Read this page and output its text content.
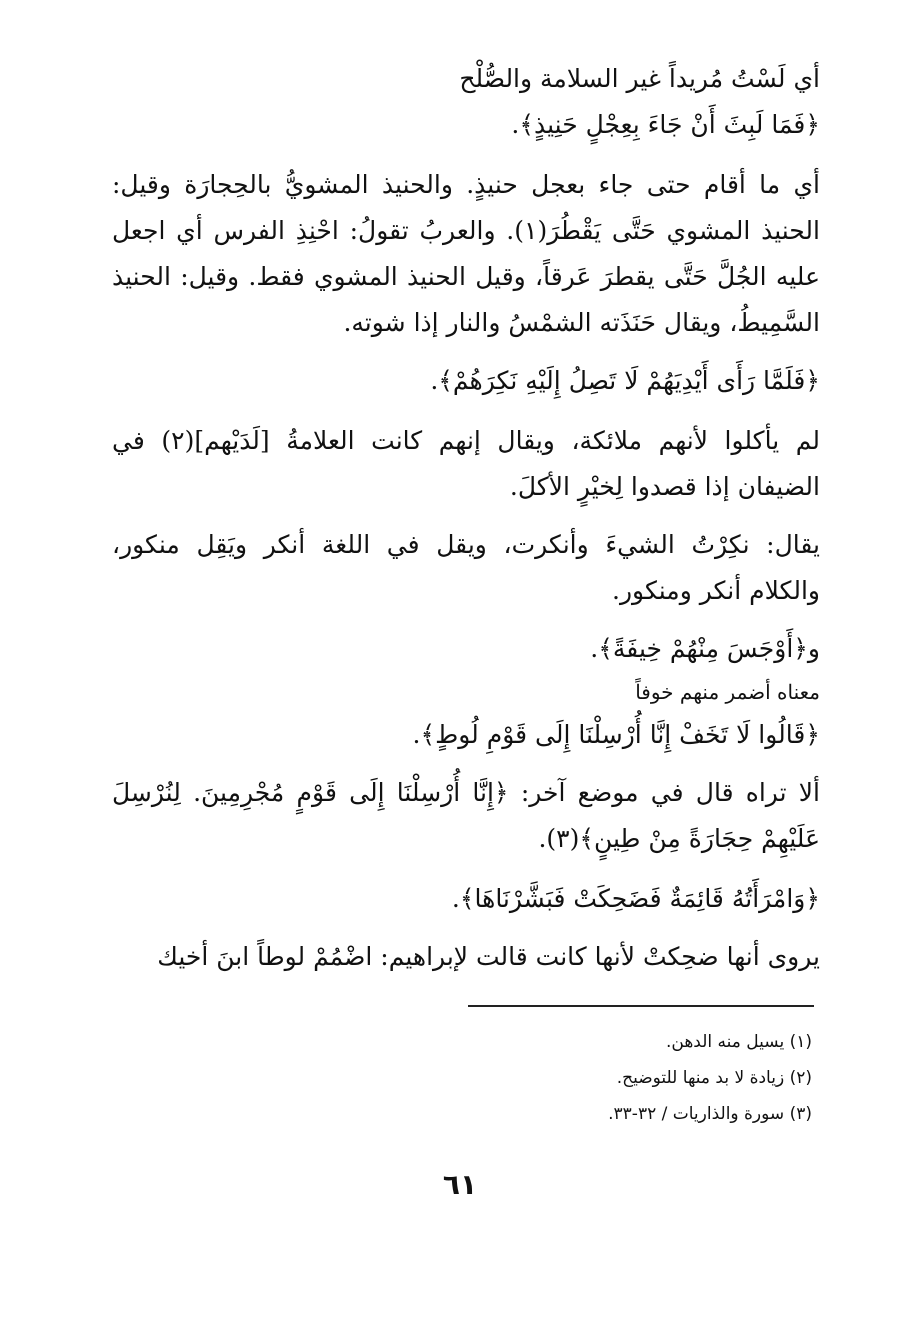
أي لَسْتُ مُريداً غير السلامة والصُّلْح
﴿فَمَا لَبِثَ أَنْ جَاءَ بِعِجْلٍ حَنِيذٍ﴾.
أي ما أقام حتى جاء بعجل حنيذٍ. والحنيذ المشويُّ بالحِجارَة وقيل: الحنيذ المشوي حَتَّى يَقْطُرَ(١). والعربُ تقولُ: احْنِذِ الفرس أي اجعل عليه الجُلَّ حَتَّى يقطرَ عَرقاً، وقيل الحنيذ المشوي فقط. وقيل: الحنيذ السَّمِيطُ، ويقال حَنَذَته الشمْسُ والنار إذا شوته.
﴿فَلَمَّا رَأَى أَيْدِيَهُمْ لَا تَصِلُ إِلَيْهِ نَكِرَهُمْ﴾.
لم يأكلوا لأنهم ملائكة، ويقال إنهم كانت العلامةُ [لَدَيْهم](٢) في الضيفان إذا قصدوا لِخيْرٍ الأكلَ.
يقال: نكِرْتُ الشيءَ وأنكرت، ويقل في اللغة أنكر ويَقِل منكور، والكلام أنكر ومنكور.
و﴿أَوْجَسَ مِنْهُمْ خِيفَةً﴾.
معناه أضمر منهم خوفاً
﴿قَالُوا لَا تَخَفْ إِنَّا أُرْسِلْنَا إِلَى قَوْمِ لُوطٍ﴾.
ألا تراه قال في موضع آخر: ﴿إِنَّا أُرْسِلْنَا إِلَى قَوْمٍ مُجْرِمِينَ. لِنُرْسِلَ عَلَيْهِمْ حِجَارَةً مِنْ طِينٍ﴾(٣).
﴿وَامْرَأَتُهُ قَائِمَةٌ فَضَحِكَتْ فَبَشَّرْنَاهَا﴾.
يروى أنها ضحِكتْ لأنها كانت قالت لإبراهيم: اضْمُمْ لوطاً ابنَ أخيك
(١) يسيل منه الدهن.
(٢) زيادة لا بد منها للتوضيح.
(٣) سورة والذاريات / ٣٢-٣٣.
٦١
